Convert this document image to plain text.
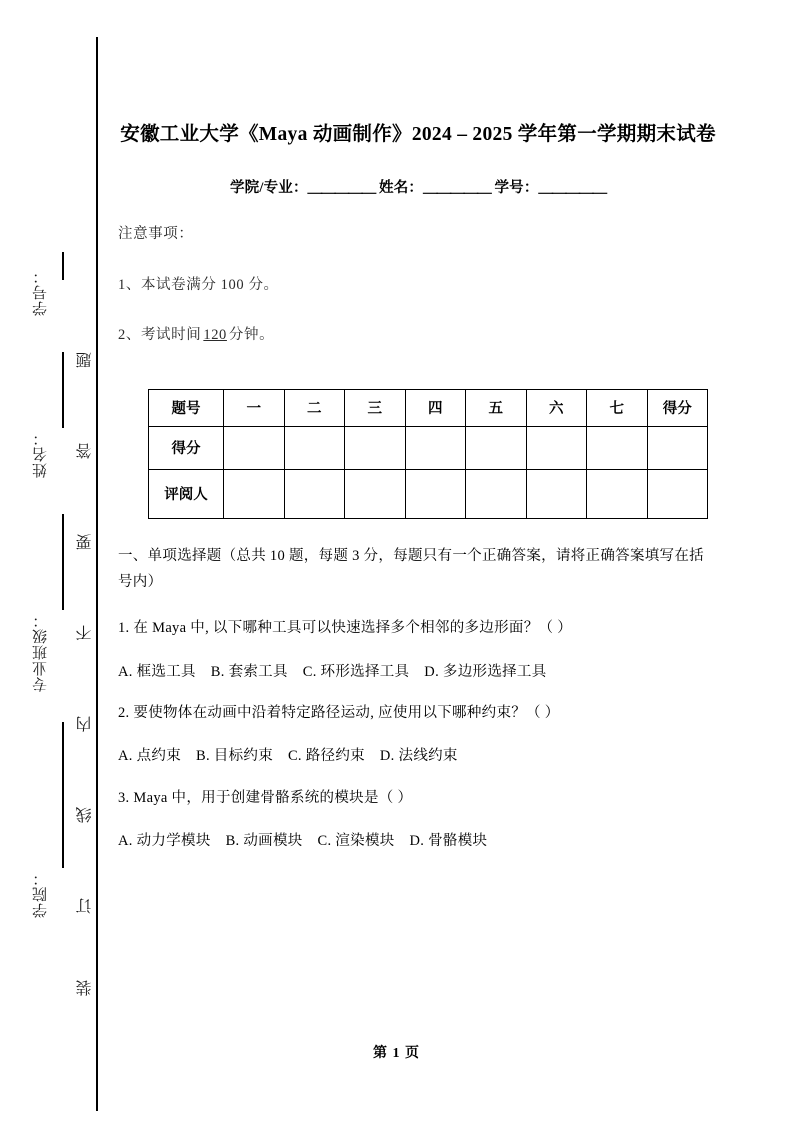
学号：
姓名：
专业班级：
学院：
题
答
要
不
内
线
订
装
安徽工业大学《Maya 动画制作》2024 – 2025 学年第一学期期末试卷

学院/专业：＿＿＿＿＿ 姓名：＿＿＿＿＿ 学号：＿＿＿＿＿

注意事项：

1、本试卷满分 100 分。

2、考试时间 120 分钟。

题号	一	二	三	四	五	六	七	得分
得分								
评阅人								

一、单项选择题（总共 10 题，每题 3 分，每题只有一个正确答案，请将正确答案填写在括号内）

1. 在 Maya 中, 以下哪种工具可以快速选择多个相邻的多边形面？（ ）

A. 框选工具 B. 套索工具 C. 环形选择工具 D. 多边形选择工具

2. 要使物体在动画中沿着特定路径运动, 应使用以下哪种约束？（ ）

A. 点约束 B. 目标约束 C. 路径约束 D. 法线约束

3. Maya 中，用于创建骨骼系统的模块是（ ）

A. 动力学模块 B. 动画模块 C. 渲染模块 D. 骨骼模块

第 1 页
